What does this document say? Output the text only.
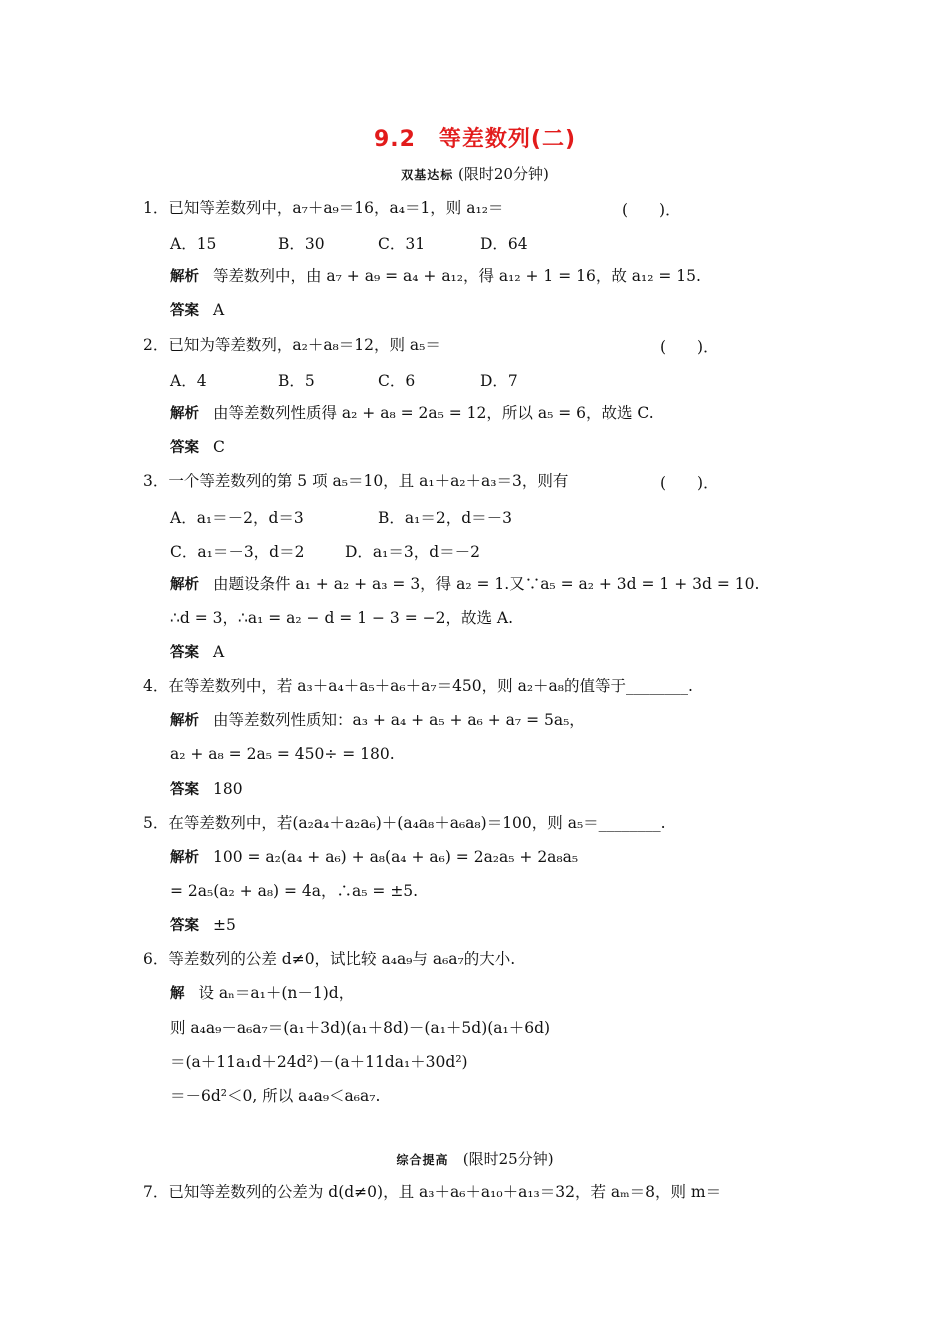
9.2　等差数列(二)
双基达标 (限时20分钟)
1．已知等差数列中，a₇＋a₉＝16，a₄＝1，则 a₁₂＝	(　　)．
A．15	B．30	C．31	D．64
解析 等差数列中，由 a₇ + a₉ = a₄ + a₁₂，得 a₁₂ + 1 = 16，故 a₁₂ = 15.
答案 A
2．已知为等差数列，a₂＋a₈＝12，则 a₅＝	(　　)．
A．4	B．5	C．6	D．7
解析 由等差数列性质得 a₂ + a₈ = 2a₅ = 12，所以 a₅ = 6，故选 C.
答案 C
3．一个等差数列的第 5 项 a₅＝10，且 a₁＋a₂＋a₃＝3，则有	(　　)．
A．a₁＝－2，d＝3	B．a₁＝2，d＝－3
C．a₁＝－3，d＝2	D．a₁＝3，d＝－2
解析 由题设条件 a₁ + a₂ + a₃ = 3，得 a₂ = 1.又∵a₅ = a₂ + 3d = 1 + 3d = 10.
∴d = 3，∴a₁ = a₂ − d = 1 − 3 = −2，故选 A.
答案 A
4．在等差数列中，若 a₃＋a₄＋a₅＋a₆＋a₇＝450，则 a₂＋a₈的值等于________.
解析 由等差数列性质知：a₃ + a₄ + a₅ + a₆ + a₇ = 5a₅，
a₂ + a₈ = 2a₅ = 450÷ = 180.
答案 180
5．在等差数列中，若(a₂a₄＋a₂a₆)＋(a₄a₈＋a₆a₈)＝100，则 a₅＝________.
解析 100 = a₂(a₄ + a₆) + a₈(a₄ + a₆) = 2a₂a₅ + 2a₈a₅
= 2a₅(a₂ + a₈) = 4a，∴a₅ = ±5.
答案 ±5
6．等差数列的公差 d≠0，试比较 a₄a₉与 a₆a₇的大小.
解 设 aₙ＝a₁＋(n－1)d，
则 a₄a₉－a₆a₇＝(a₁＋3d)(a₁＋8d)－(a₁＋5d)(a₁＋6d)
＝(a＋11a₁d＋24d²)－(a＋11da₁＋30d²)
＝－6d²＜0, 所以 a₄a₉＜a₆a₇.
综合提高 (限时25分钟)
7．已知等差数列的公差为 d(d≠0)，且 a₃＋a₆＋a₁₀＋a₁₃＝32，若 aₘ＝8，则 m＝
